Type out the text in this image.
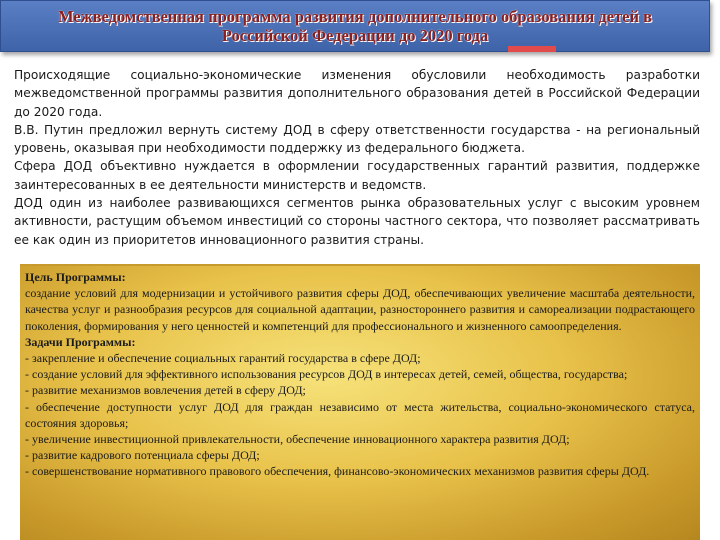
Межведомственная программа развития дополнительного образования детей в
Российской Федерации до 2020 года

Происходящие социально-экономические изменения обусловили необходимость разработки межведомственной программы развития дополнительного образования детей в Российской Федерации до 2020 года.

В.В. Путин предложил вернуть систему ДОД в сферу ответственности государства - на региональный уровень, оказывая при необходимости поддержку из федерального бюджета.

Сфера ДОД объективно нуждается в оформлении государственных гарантий развития, поддержке заинтересованных в ее деятельности министерств и ведомств.

ДОД один из наиболее развивающихся сегментов рынка образовательных услуг с высоким уровнем активности, растущим объемом инвестиций со стороны частного сектора, что позволяет рассматривать ее как один из приоритетов инновационного развития страны.

Цель Программы:

создание условий для модернизации и устойчивого развития сферы ДОД, обеспечивающих увеличение масштаба деятельности, качества услуг и разнообразия ресурсов для социальной адаптации, разностороннего развития и самореализации подрастающего поколения, формирования у него ценностей и компетенций для профессионального и жизненного самоопределения.

Задачи Программы:

- закрепление и обеспечение социальных гарантий государства в сфере ДОД;

- создание условий для эффективного использования ресурсов ДОД в интересах детей, семей, общества, государства;

- развитие механизмов вовлечения детей в сферу ДОД;

- обеспечение доступности услуг ДОД для граждан независимо от места жительства, социально-экономического статуса, состояния здоровья;

- увеличение инвестиционной привлекательности, обеспечение инновационного характера развития ДОД;

- развитие кадрового потенциала сферы ДОД;

- совершенствование нормативного правового обеспечения, финансово-экономических механизмов развития сферы ДОД.
